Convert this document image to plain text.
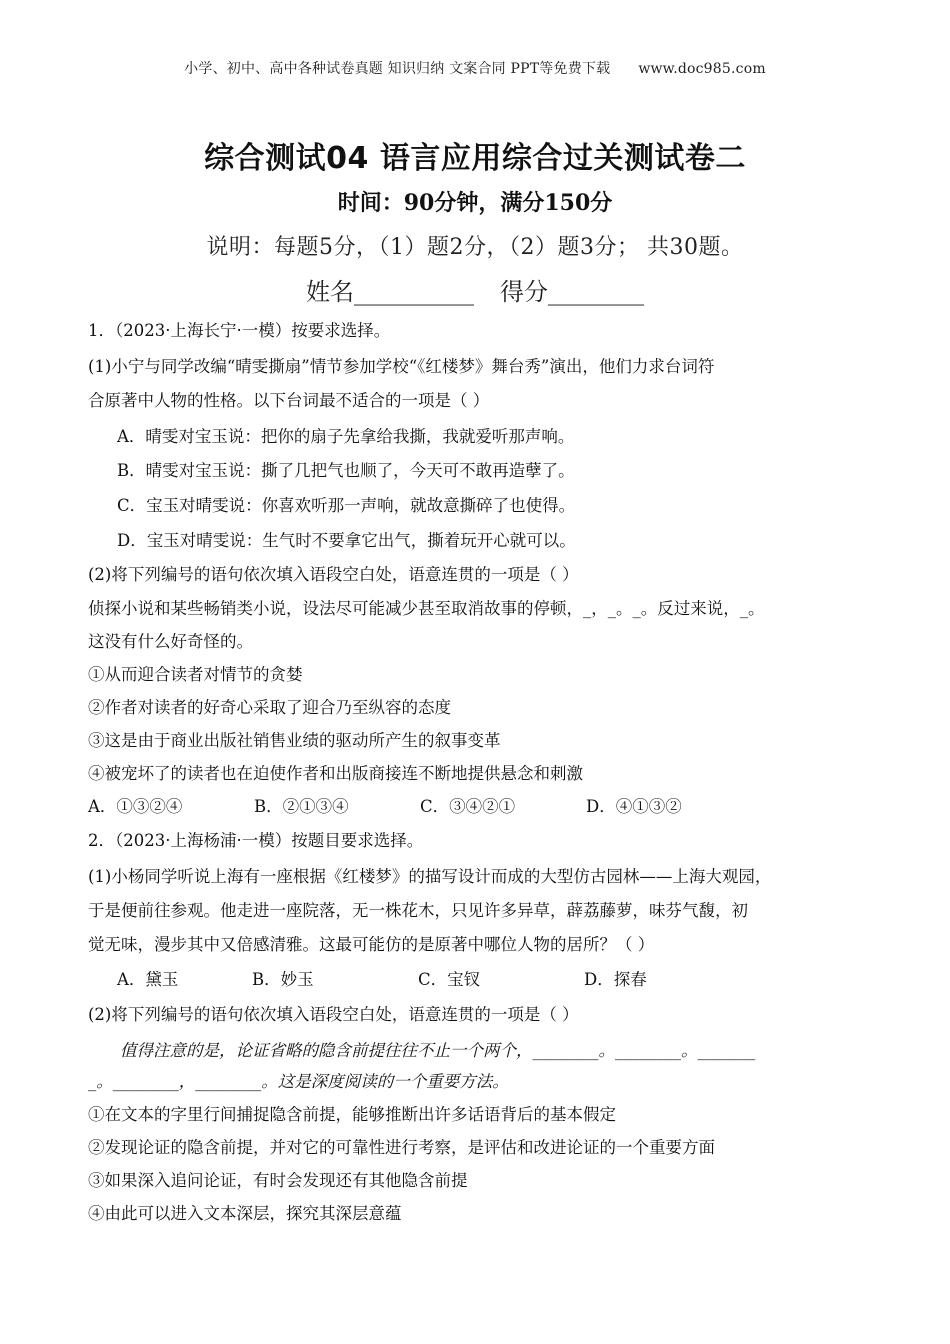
小学、初中、高中各种试卷真题 知识归纳 文案合同 PPT等免费下载 www.doc985.com
综合测试04 语言应用综合过关测试卷二
时间：90分钟，满分150分
说明：每题5分，（1）题2分，（2）题3分； 共30题。
姓名__________ 得分________
1．（2023·上海长宁·一模）按要求选择。
(1)小宁与同学改编“晴雯撕扇”情节参加学校“《红楼梦》舞台秀”演出，他们力求台词符
合原著中人物的性格。以下台词最不适合的一项是（ ）
A．晴雯对宝玉说：把你的扇子先拿给我撕，我就爱听那声响。
B．晴雯对宝玉说：撕了几把气也顺了，今天可不敢再造孽了。
C．宝玉对晴雯说：你喜欢听那一声响，就故意撕碎了也使得。
D．宝玉对晴雯说：生气时不要拿它出气，撕着玩开心就可以。
(2)将下列编号的语句依次填入语段空白处，语意连贯的一项是（ ）
侦探小说和某些畅销类小说，设法尽可能减少甚至取消故事的停顿，_，_。_。反过来说，_。
这没有什么好奇怪的。
①从而迎合读者对情节的贪婪
②作者对读者的好奇心采取了迎合乃至纵容的态度
③这是由于商业出版社销售业绩的驱动所产生的叙事变革
④被宠坏了的读者也在迫使作者和出版商接连不断地提供悬念和刺激
A．①③②④	B．②①③④	C．③④②①	D．④①③②
2．（2023·上海杨浦·一模）按题目要求选择。
(1)小杨同学听说上海有一座根据《红楼梦》的描写设计而成的大型仿古园林——上海大观园，
于是便前往参观。他走进一座院落，无一株花木，只见许多异草，薜荔藤萝，味芬气馥，初
觉无味，漫步其中又倍感清雅。这最可能仿的是原著中哪位人物的居所？（ ）
A．黛玉	B．妙玉	C．宝钗	D．探春
(2)将下列编号的语句依次填入语段空白处，语意连贯的一项是（ ）
值得注意的是，论证省略的隐含前提往往不止一个两个，________。________。_______
_。________，________。这是深度阅读的一个重要方法。
①在文本的字里行间捕捉隐含前提，能够推断出许多话语背后的基本假定
②发现论证的隐含前提，并对它的可靠性进行考察，是评估和改进论证的一个重要方面
③如果深入追问论证，有时会发现还有其他隐含前提
④由此可以进入文本深层，探究其深层意蕴
